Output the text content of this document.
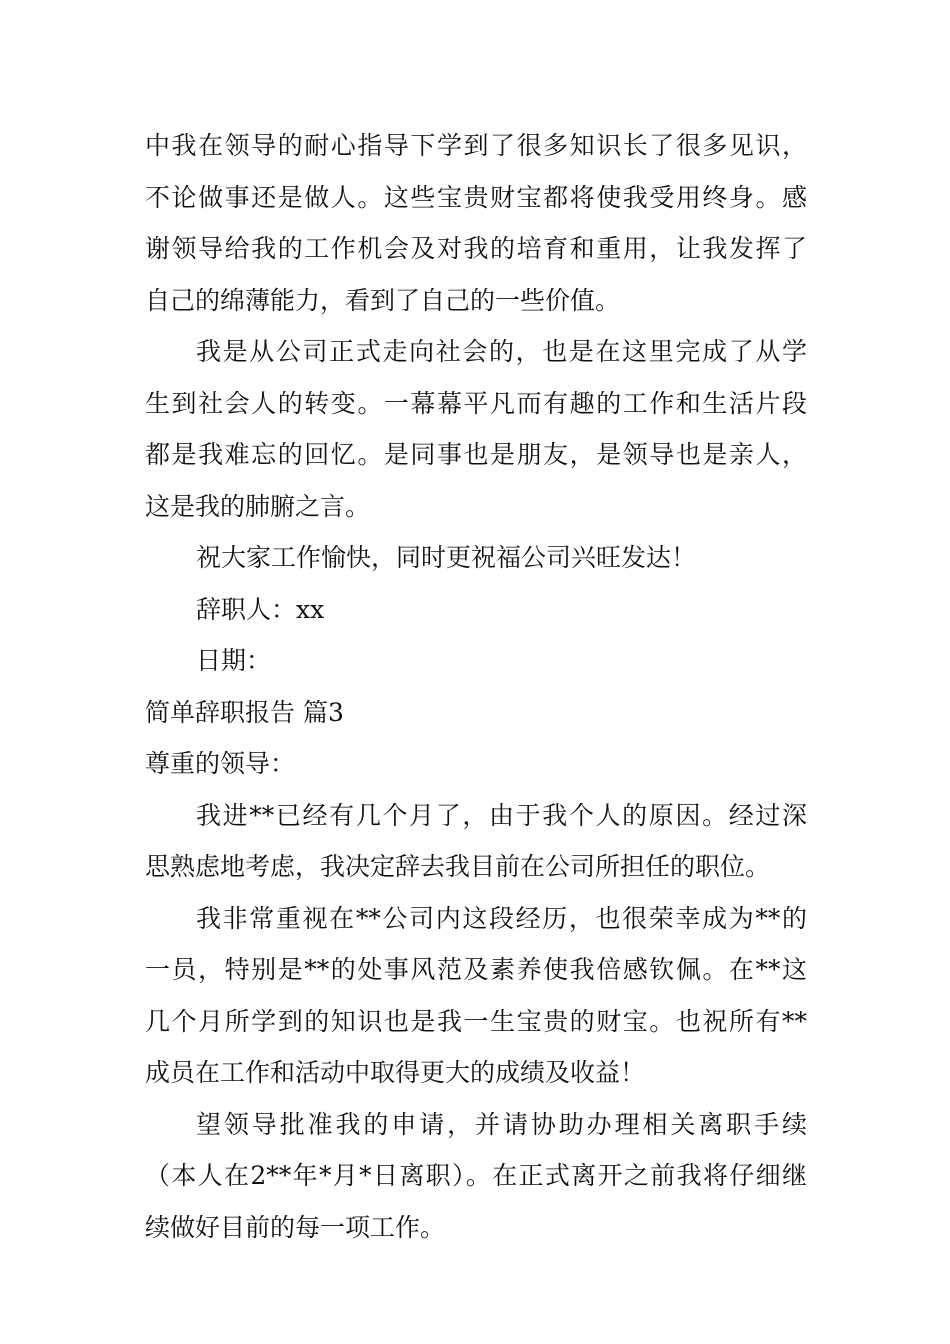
中我在领导的耐心指导下学到了很多知识长了很多见识，
不论做事还是做人。这些宝贵财宝都将使我受用终身。感
谢领导给我的工作机会及对我的培育和重用，让我发挥了
自己的绵薄能力，看到了自己的一些价值。
我是从公司正式走向社会的，也是在这里完成了从学
生到社会人的转变。一幕幕平凡而有趣的工作和生活片段
都是我难忘的回忆。是同事也是朋友，是领导也是亲人，
这是我的肺腑之言。
祝大家工作愉快，同时更祝福公司兴旺发达！
辞职人：xx
日期：
简单辞职报告 篇3
尊重的领导：
我进**已经有几个月了，由于我个人的原因。经过深
思熟虑地考虑，我决定辞去我目前在公司所担任的职位。
我非常重视在**公司内这段经历，也很荣幸成为**的
一员，特别是**的处事风范及素养使我倍感钦佩。在**这
几个月所学到的知识也是我一生宝贵的财宝。也祝所有**
成员在工作和活动中取得更大的成绩及收益！
望领导批准我的申请，并请协助办理相关离职手续
（本人在2**年*月*日离职）。在正式离开之前我将仔细继
续做好目前的每一项工作。
